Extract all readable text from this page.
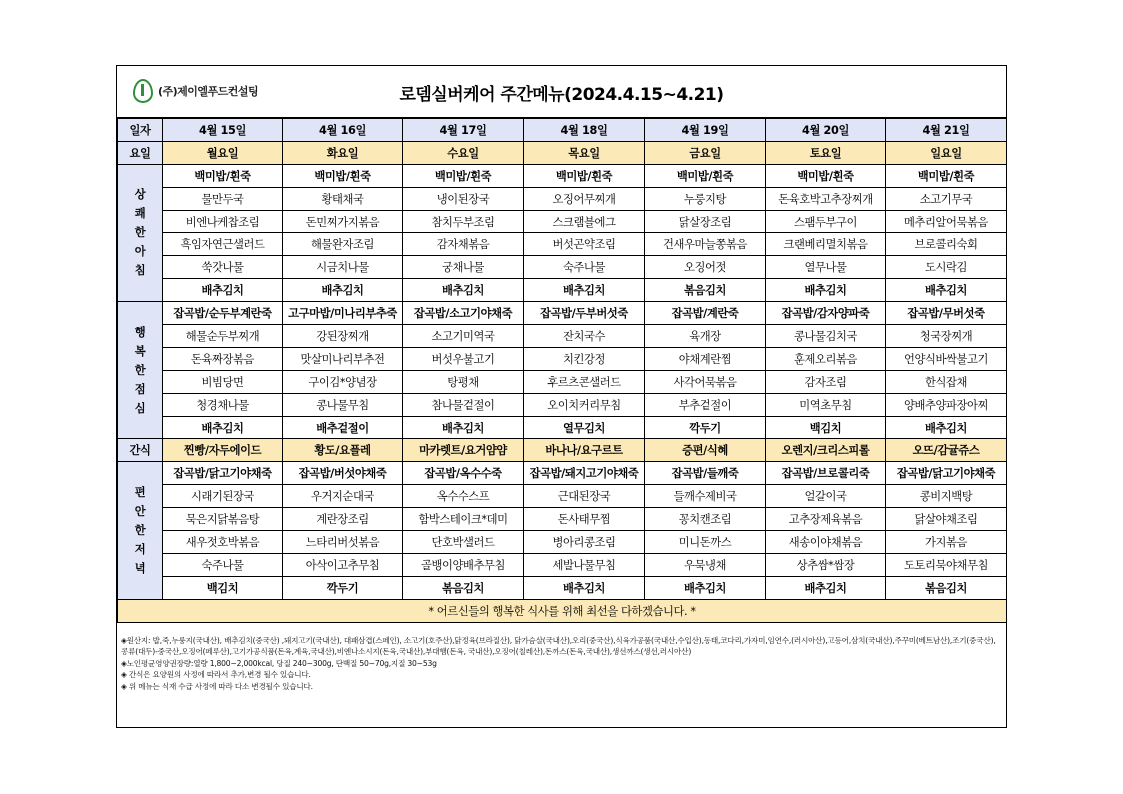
(주)제이엘푸드컨설팅	로뎀실버케어 주간메뉴(2024.4.15~4.21)
일자	4월 15일	4월 16일	4월 17일	4월 18일	4월 19일	4월 20일	4월 21일
요일	월요일	화요일	수요일	목요일	금요일	토요일	일요일

상
쾌
한
아
침	백미밥/흰죽	백미밥/흰죽	백미밥/흰죽	백미밥/흰죽	백미밥/흰죽	백미밥/흰죽	백미밥/흰죽
	물만두국	황태채국	냉이된장국	오징어무찌개	누룽지탕	돈육호박고추장찌개	소고기무국
	비엔나케찹조림	돈민찌가지볶음	참치두부조림	스크램블에그	닭살장조림	스팸두부구이	메추리알어묵볶음
	흑임자연근샐러드	해물완자조림	감자채볶음	버섯곤약조림	건새우마늘쫑볶음	크랜베리멸치볶음	브로콜리숙회
	쑥갓나물	시금치나물	궁채나물	숙주나물	오징어젓	열무나물	도시락김
	배추김치	배추김치	배추김치	배추김치	볶음김치	배추김치	배추김치

행
복
한
점
심	잡곡밥/순두부계란죽	고구마밥/미나리부추죽	잡곡밥/소고기야채죽	잡곡밥/두부버섯죽	잡곡밥/계란죽	잡곡밥/감자양파죽	잡곡밥/무버섯죽
	해물순두부찌개	강된장찌개	소고기미역국	잔치국수	육개장	콩나물김치국	청국장찌개
	돈육짜장볶음	맛살미나리부추전	버섯우불고기	치킨강정	야채계란찜	훈제오리볶음	언양식바싹불고기
	비빔당면	구이김*양념장	탕평채	후르츠콘샐러드	사각어묵볶음	감자조림	한식잡채
	청경채나물	콩나물무침	참나물겉절이	오이치커리무침	부추겉절이	미역초무침	양배추양파장아찌
	배추김치	배추겉절이	배추김치	열무김치	깍두기	백김치	배추김치
간식	찐빵/자두에이드	황도/요플레	마카렛트/요거얌얌	바나나/요구르트	증편/식혜	오렌지/크리스피롤	오뜨/감귤쥬스

편
안
한
저
녁	잡곡밥/닭고기야채죽	잡곡밥/버섯야채죽	잡곡밥/옥수수죽	잡곡밥/돼지고기야채죽	잡곡밥/들깨죽	잡곡밥/브로콜리죽	잡곡밥/닭고기야채죽
	시래기된장국	우거지순대국	옥수수스프	근대된장국	들깨수제비국	얼갈이국	콩비지백탕
	묵은지닭볶음탕	계란장조림	함박스테이크*데미	돈사태무찜	꽁치캔조림	고추장제육볶음	닭살야채조림
	새우젓호박볶음	느타리버섯볶음	단호박샐러드	병아리콩조림	미니돈까스	새송이야채볶음	가지볶음
	숙주나물	아삭이고추무침	골뱅이양배추무침	세발나물무침	우묵냉채	상추쌈*쌈장	도토리묵야채무침
	백김치	깍두기	볶음김치	배추김치	배추김치	배추김치	볶음김치
* 어르신들의 행복한 식사를 위해 최선을 다하겠습니다. *							
◈원산지: 밥,죽,누룽지(국내산), 배추김치(중국산) ,돼지고기(국내산), 대패삼겹(스페인), 소고기(호주산),닭정육(브라질산), 닭가슴살(국내산),오리(중국산),식육가공품(국내산,수입산),동태,코다리,가자미,임연수,(러시아산),고등어,삼치(국내산),주꾸미(베트남산),조기(중국산),콩류(대두)-중국산,오징어(페루산),고기가공식품(돈육,계육,국내산),비엔나소시지(돈육,국내산),부대햄(돈육, 국내산),오징어(칠레산),돈까스(돈육,국내산),생선까스(생선,러시아산)
◈노인평균영양권장량:열량 1,800~2,000kcal, 당질 240~300g, 단백질 50~70g,지질 30~53g
◈ 간식은 요양원의 사정에 따라서 추가,변경 될수 있습니다.
◈ 위 메뉴는 식재 수급 사정에 따라 다소 변경될수 있습니다.
